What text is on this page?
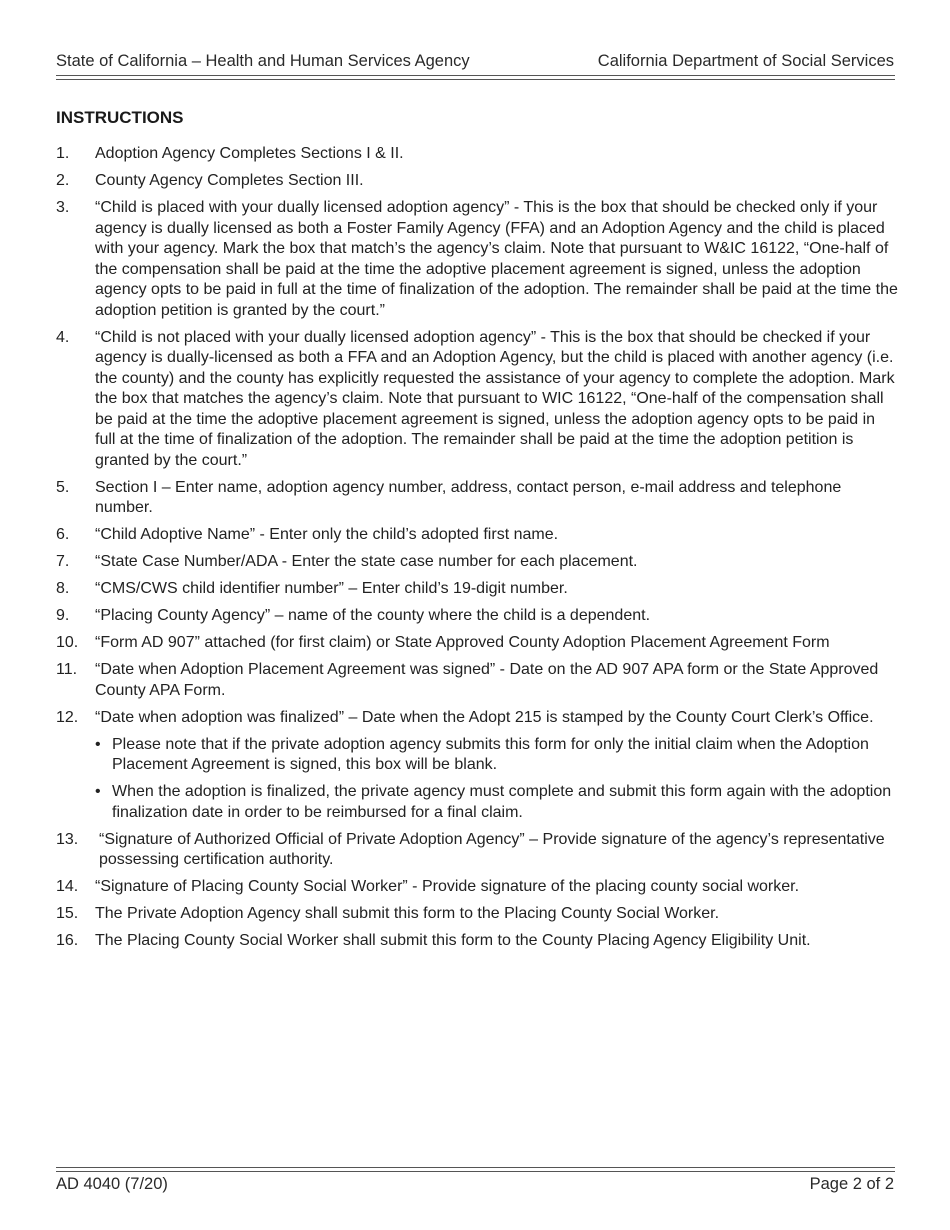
State of California – Health and Human Services Agency	California Department of Social Services
INSTRUCTIONS
1. Adoption Agency Completes Sections I & II.
2. County Agency Completes Section III.
3. “Child is placed with your dually licensed adoption agency” - This is the box that should be checked only if your agency is dually licensed as both a Foster Family Agency (FFA) and an Adoption Agency and the child is placed with your agency. Mark the box that match’s the agency’s claim. Note that pursuant to W&IC 16122, “One-half of the compensation shall be paid at the time the adoptive placement agreement is signed, unless the adoption agency opts to be paid in full at the time of finalization of the adoption. The remainder shall be paid at the time the adoption petition is granted by the court.”
4. “Child is not placed with your dually licensed adoption agency” - This is the box that should be checked if your agency is dually-licensed as both a FFA and an Adoption Agency, but the child is placed with another agency (i.e. the county) and the county has explicitly requested the assistance of your agency to complete the adoption. Mark the box that matches the agency’s claim. Note that pursuant to WIC 16122, “One-half of the compensation shall be paid at the time the adoptive placement agreement is signed, unless the adoption agency opts to be paid in full at the time of finalization of the adoption. The remainder shall be paid at the time the adoption petition is granted by the court.”
5. Section I – Enter name, adoption agency number, address, contact person, e-mail address and telephone number.
6. “Child Adoptive Name” - Enter only the child’s adopted first name.
7. “State Case Number/ADA - Enter the state case number for each placement.
8. “CMS/CWS child identifier number” – Enter child’s 19-digit number.
9. “Placing County Agency” – name of the county where the child is a dependent.
10. “Form AD 907” attached (for first claim) or State Approved County Adoption Placement Agreement Form
11. “Date when Adoption Placement Agreement was signed” - Date on the AD 907 APA form or the State Approved County APA Form.
12. “Date when adoption was finalized” – Date when the Adopt 215 is stamped by the County Court Clerk’s Office.
• Please note that if the private adoption agency submits this form for only the initial claim when the Adoption Placement Agreement is signed, this box will be blank.
• When the adoption is finalized, the private agency must complete and submit this form again with the adoption finalization date in order to be reimbursed for a final claim.
13. “Signature of Authorized Official of Private Adoption Agency” – Provide signature of the agency’s representative possessing certification authority.
14. “Signature of Placing County Social Worker” - Provide signature of the placing county social worker.
15. The Private Adoption Agency shall submit this form to the Placing County Social Worker.
16. The Placing County Social Worker shall submit this form to the County Placing Agency Eligibility Unit.
AD 4040 (7/20)	Page 2 of 2
